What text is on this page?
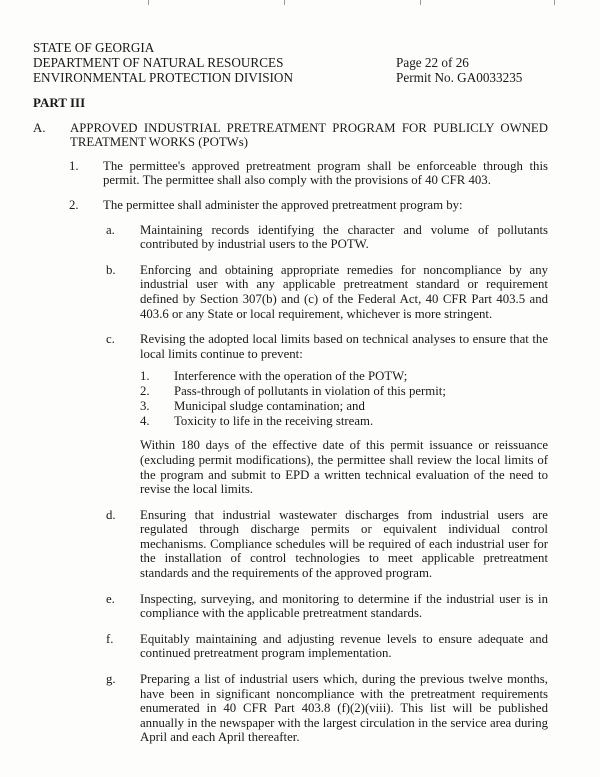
STATE OF GEORGIA
DEPARTMENT OF NATURAL RESOURCES
ENVIRONMENTAL PROTECTION DIVISION
Page 22 of 26
Permit No. GA0033235
PART III
A.	APPROVED INDUSTRIAL PRETREATMENT PROGRAM FOR PUBLICLY OWNED TREATMENT WORKS (POTWs)
1.	The permittee's approved pretreatment program shall be enforceable through this permit. The permittee shall also comply with the provisions of 40 CFR 403.
2.	The permittee shall administer the approved pretreatment program by:
a.	Maintaining records identifying the character and volume of pollutants contributed by industrial users to the POTW.
b.	Enforcing and obtaining appropriate remedies for noncompliance by any industrial user with any applicable pretreatment standard or requirement defined by Section 307(b) and (c) of the Federal Act, 40 CFR Part 403.5 and 403.6 or any State or local requirement, whichever is more stringent.
c.	Revising the adopted local limits based on technical analyses to ensure that the local limits continue to prevent:
1.	Interference with the operation of the POTW;
2.	Pass-through of pollutants in violation of this permit;
3.	Municipal sludge contamination; and
4.	Toxicity to life in the receiving stream.
Within 180 days of the effective date of this permit issuance or reissuance (excluding permit modifications), the permittee shall review the local limits of the program and submit to EPD a written technical evaluation of the need to revise the local limits.
d.	Ensuring that industrial wastewater discharges from industrial users are regulated through discharge permits or equivalent individual control mechanisms. Compliance schedules will be required of each industrial user for the installation of control technologies to meet applicable pretreatment standards and the requirements of the approved program.
e.	Inspecting, surveying, and monitoring to determine if the industrial user is in compliance with the applicable pretreatment standards.
f.	Equitably maintaining and adjusting revenue levels to ensure adequate and continued pretreatment program implementation.
g.	Preparing a list of industrial users which, during the previous twelve months, have been in significant noncompliance with the pretreatment requirements enumerated in 40 CFR Part 403.8 (f)(2)(viii). This list will be published annually in the newspaper with the largest circulation in the service area during April and each April thereafter.
